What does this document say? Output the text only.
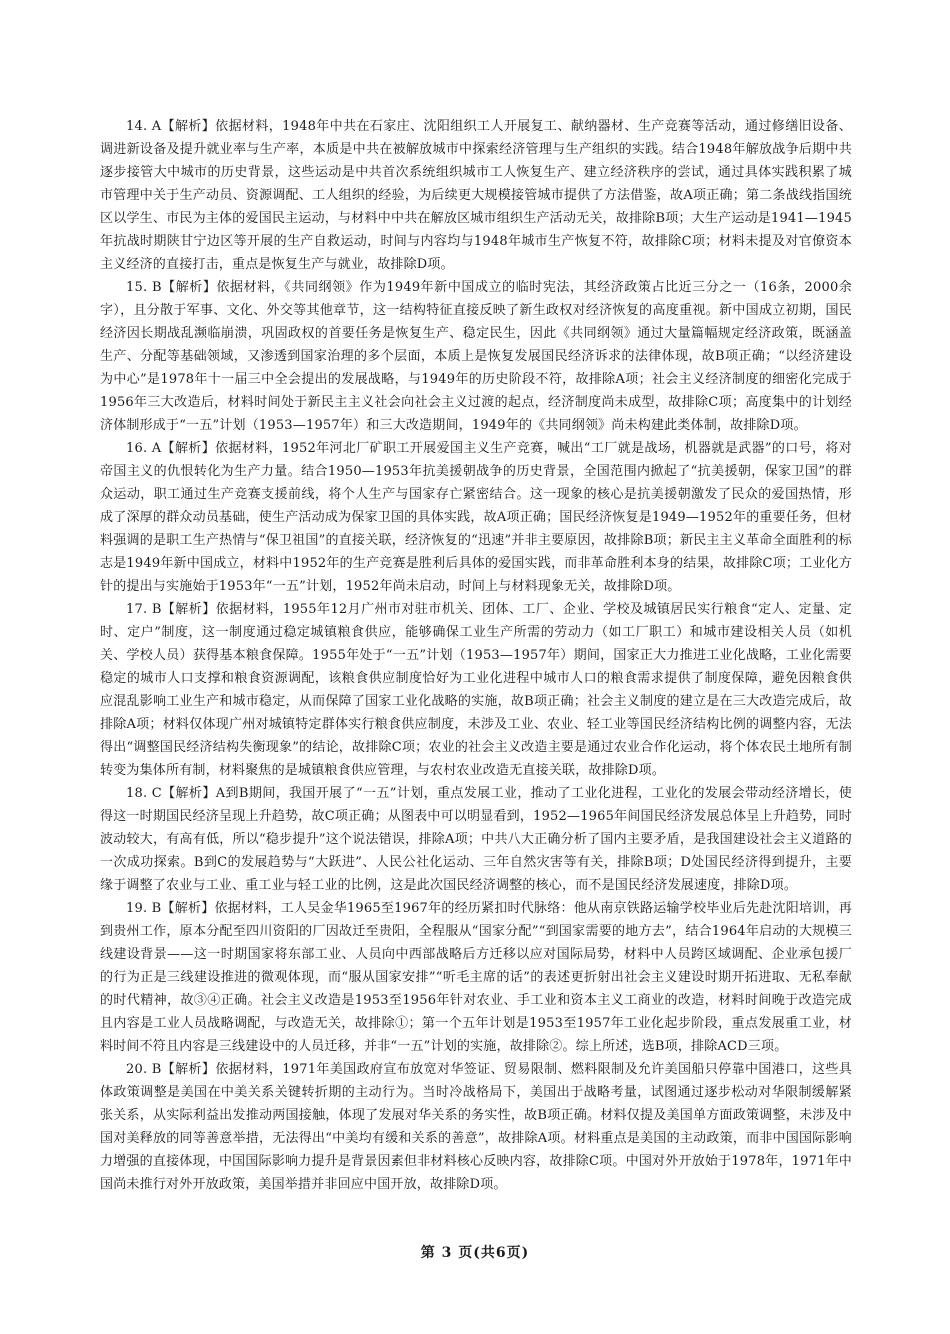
14. A【解析】依据材料，1948年中共在石家庄、沈阳组织工人开展复工、献纳器材、生产竞赛等活动，通过修缮旧设备、调进新设备及提升就业率与生产率，本质是中共在被解放城市中探索经济管理与生产组织的实践。结合1948年解放战争后期中共逐步接管大中城市的历史背景，这些运动是中共首次系统组织城市工人恢复生产、建立经济秩序的尝试，通过具体实践积累了城市管理中关于生产动员、资源调配、工人组织的经验，为后续更大规模接管城市提供了方法借鉴，故A项正确；第二条战线指国统区以学生、市民为主体的爱国民主运动，与材料中中共在解放区城市组织生产活动无关，故排除B项；大生产运动是1941—1945年抗战时期陕甘宁边区等开展的生产自救运动，时间与内容均与1948年城市生产恢复不符，故排除C项；材料未提及对官僚资本主义经济的直接打击，重点是恢复生产与就业，故排除D项。

15. B【解析】依据材料，《共同纲领》作为1949年新中国成立的临时宪法，其经济政策占比近三分之一（16条，2000余字），且分散于军事、文化、外交等其他章节，这一结构特征直接反映了新生政权对经济恢复的高度重视。新中国成立初期，国民经济因长期战乱濒临崩溃，巩固政权的首要任务是恢复生产、稳定民生，因此《共同纲领》通过大量篇幅规定经济政策，既涵盖生产、分配等基础领域，又渗透到国家治理的多个层面，本质上是恢复发展国民经济诉求的法律体现，故B项正确；“以经济建设为中心”是1978年十一届三中全会提出的发展战略，与1949年的历史阶段不符，故排除A项；社会主义经济制度的细密化完成于1956年三大改造后，材料时间处于新民主主义社会向社会主义过渡的起点，经济制度尚未成型，故排除C项；高度集中的计划经济体制形成于“一五”计划（1953—1957年）和三大改造期间，1949年的《共同纲领》尚未构建此类体制，故排除D项。

16. A【解析】依据材料，1952年河北厂矿职工开展爱国主义生产竞赛，喊出“工厂就是战场，机器就是武器”的口号，将对帝国主义的仇恨转化为生产力量。结合1950—1953年抗美援朝战争的历史背景，全国范围内掀起了“抗美援朝，保家卫国”的群众运动，职工通过生产竞赛支援前线，将个人生产与国家存亡紧密结合。这一现象的核心是抗美援朝激发了民众的爱国热情，形成了深厚的群众动员基础，使生产活动成为保家卫国的具体实践，故A项正确；国民经济恢复是1949—1952年的重要任务，但材料强调的是职工生产热情与“保卫祖国”的直接关联，经济恢复的“迅速”并非主要原因，故排除B项；新民主主义革命全面胜利的标志是1949年新中国成立，材料中1952年的生产竞赛是胜利后具体的爱国实践，而非革命胜利本身的结果，故排除C项；工业化方针的提出与实施始于1953年“一五”计划，1952年尚未启动，时间上与材料现象无关，故排除D项。

17. B【解析】依据材料，1955年12月广州市对驻市机关、团体、工厂、企业、学校及城镇居民实行粮食“定人、定量、定时、定户”制度，这一制度通过稳定城镇粮食供应，能够确保工业生产所需的劳动力（如工厂职工）和城市建设相关人员（如机关、学校人员）获得基本粮食保障。1955年处于“一五”计划（1953—1957年）期间，国家正大力推进工业化战略，工业化需要稳定的城市人口支撑和粮食资源调配，该粮食供应制度恰好为工业化进程中城市人口的粮食需求提供了制度保障，避免因粮食供应混乱影响工业生产和城市稳定，从而保障了国家工业化战略的实施，故B项正确；社会主义制度的建立是在三大改造完成后，故排除A项；材料仅体现广州对城镇特定群体实行粮食供应制度，未涉及工业、农业、轻工业等国民经济结构比例的调整内容，无法得出“调整国民经济结构失衡现象”的结论，故排除C项；农业的社会主义改造主要是通过农业合作化运动，将个体农民土地所有制转变为集体所有制，材料聚焦的是城镇粮食供应管理，与农村农业改造无直接关联，故排除D项。

18. C【解析】A到B期间，我国开展了“一五”计划，重点发展工业，推动了工业化进程，工业化的发展会带动经济增长，使得这一时期国民经济呈现上升趋势，故C项正确；从图表中可以明显看到，1952—1965年间国民经济发展总体呈上升趋势，同时波动较大，有高有低，所以“稳步提升”这个说法错误，排除A项；中共八大正确分析了国内主要矛盾，是我国建设社会主义道路的一次成功探索。B到C的发展趋势与“大跃进”、人民公社化运动、三年自然灾害等有关，排除B项；D处国民经济得到提升，主要缘于调整了农业与工业、重工业与轻工业的比例，这是此次国民经济调整的核心，而不是国民经济发展速度，排除D项。

19. B【解析】依据材料，工人吴金华1965至1967年的经历紧扣时代脉络：他从南京铁路运输学校毕业后先赴沈阳培训，再到贵州工作，原本分配至四川资阳的厂因故迁至贵阳，全程服从“国家分配”“到国家需要的地方去”，结合1964年启动的大规模三线建设背景——这一时期国家将东部工业、人员向中西部战略后方迁移以应对国际局势，材料中人员跨区域调配、企业承包援厂的行为正是三线建设推进的微观体现，而“服从国家安排”“听毛主席的话”的表述更折射出社会主义建设时期开拓进取、无私奉献的时代精神，故③④正确。社会主义改造是1953至1956年针对农业、手工业和资本主义工商业的改造，材料时间晚于改造完成且内容是工业人员战略调配，与改造无关，故排除①；第一个五年计划是1953至1957年工业化起步阶段，重点发展重工业，材料时间不符且内容是三线建设中的人员迁移，并非“一五”计划的实施，故排除②。综上所述，选B项，排除ACD三项。

20. B【解析】依据材料，1971年美国政府宣布放宽对华签证、贸易限制、燃料限制及允许美国船只停靠中国港口，这些具体政策调整是美国在中美关系关键转折期的主动行为。当时冷战格局下，美国出于战略考量，试图通过逐步松动对华限制缓解紧张关系，从实际利益出发推动两国接触，体现了发展对华关系的务实性，故B项正确。材料仅提及美国单方面政策调整，未涉及中国对美释放的同等善意举措，无法得出“中美均有缓和关系的善意”，故排除A项。材料重点是美国的主动政策，而非中国国际影响力增强的直接体现，中国国际影响力提升是背景因素但非材料核心反映内容，故排除C项。中国对外开放始于1978年，1971年中国尚未推行对外开放政策，美国举措并非回应中国开放，故排除D项。

第 3 页(共6页)
